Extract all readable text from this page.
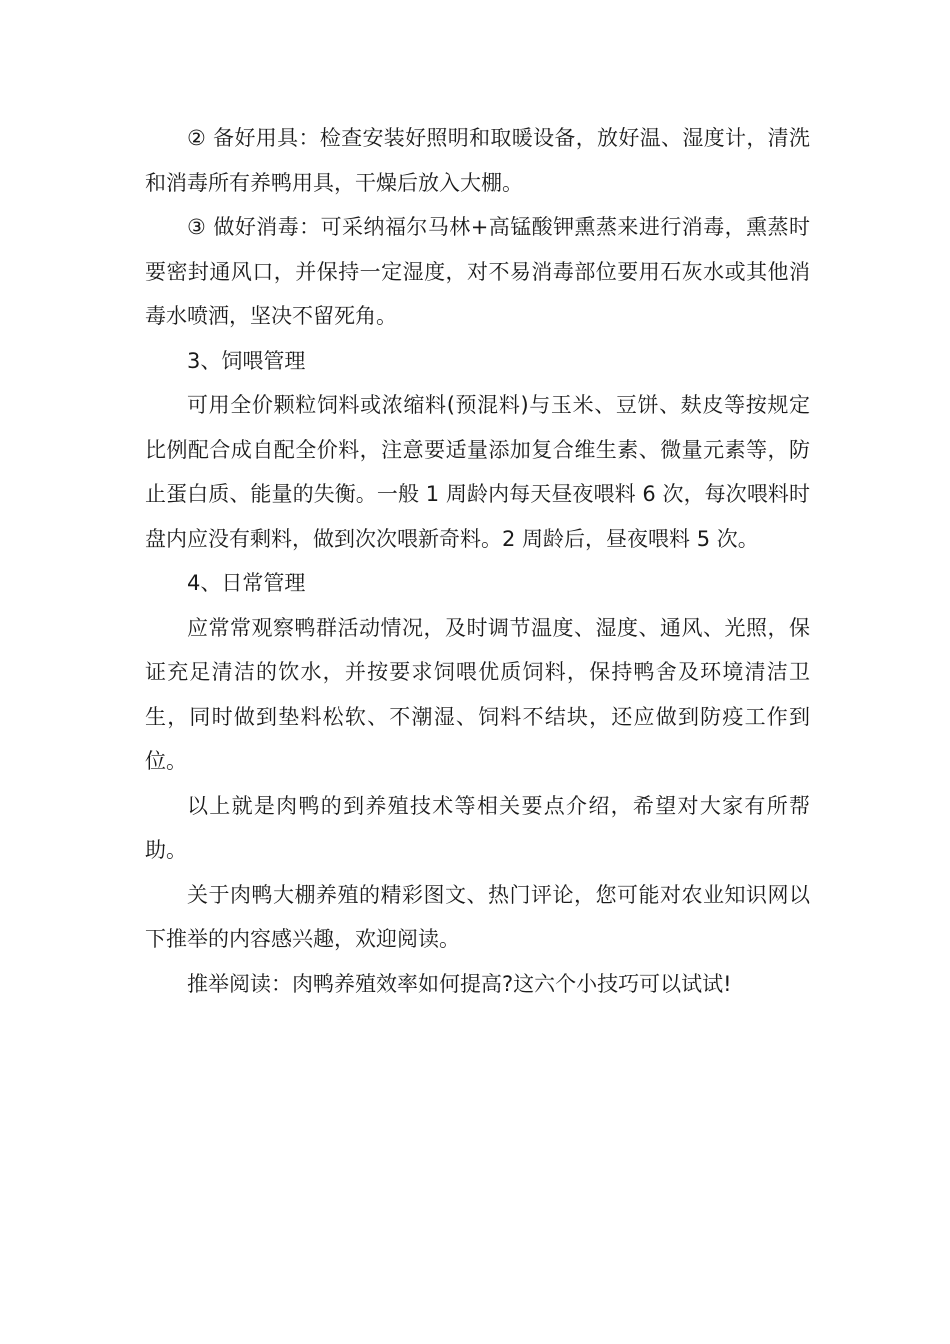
② 备好用具：检查安装好照明和取暖设备，放好温、湿度计，清洗和消毒所有养鸭用具，干燥后放入大棚。

③ 做好消毒：可采纳福尔马林+高锰酸钾熏蒸来进行消毒，熏蒸时要密封通风口，并保持一定湿度，对不易消毒部位要用石灰水或其他消毒水喷洒，坚决不留死角。

3、饲喂管理

可用全价颗粒饲料或浓缩料(预混料)与玉米、豆饼、麸皮等按规定比例配合成自配全价料，注意要适量添加复合维生素、微量元素等，防止蛋白质、能量的失衡。一般 1 周龄内每天昼夜喂料 6 次，每次喂料时盘内应没有剩料，做到次次喂新奇料。2 周龄后，昼夜喂料 5 次。

4、日常管理

应常常观察鸭群活动情况，及时调节温度、湿度、通风、光照，保证充足清洁的饮水，并按要求饲喂优质饲料，保持鸭舍及环境清洁卫生，同时做到垫料松软、不潮湿、饲料不结块，还应做到防疫工作到位。

以上就是肉鸭的到养殖技术等相关要点介绍，希望对大家有所帮助。

关于肉鸭大棚养殖的精彩图文、热门评论，您可能对农业知识网以下推举的内容感兴趣，欢迎阅读。

推举阅读：肉鸭养殖效率如何提高?这六个小技巧可以试试!
